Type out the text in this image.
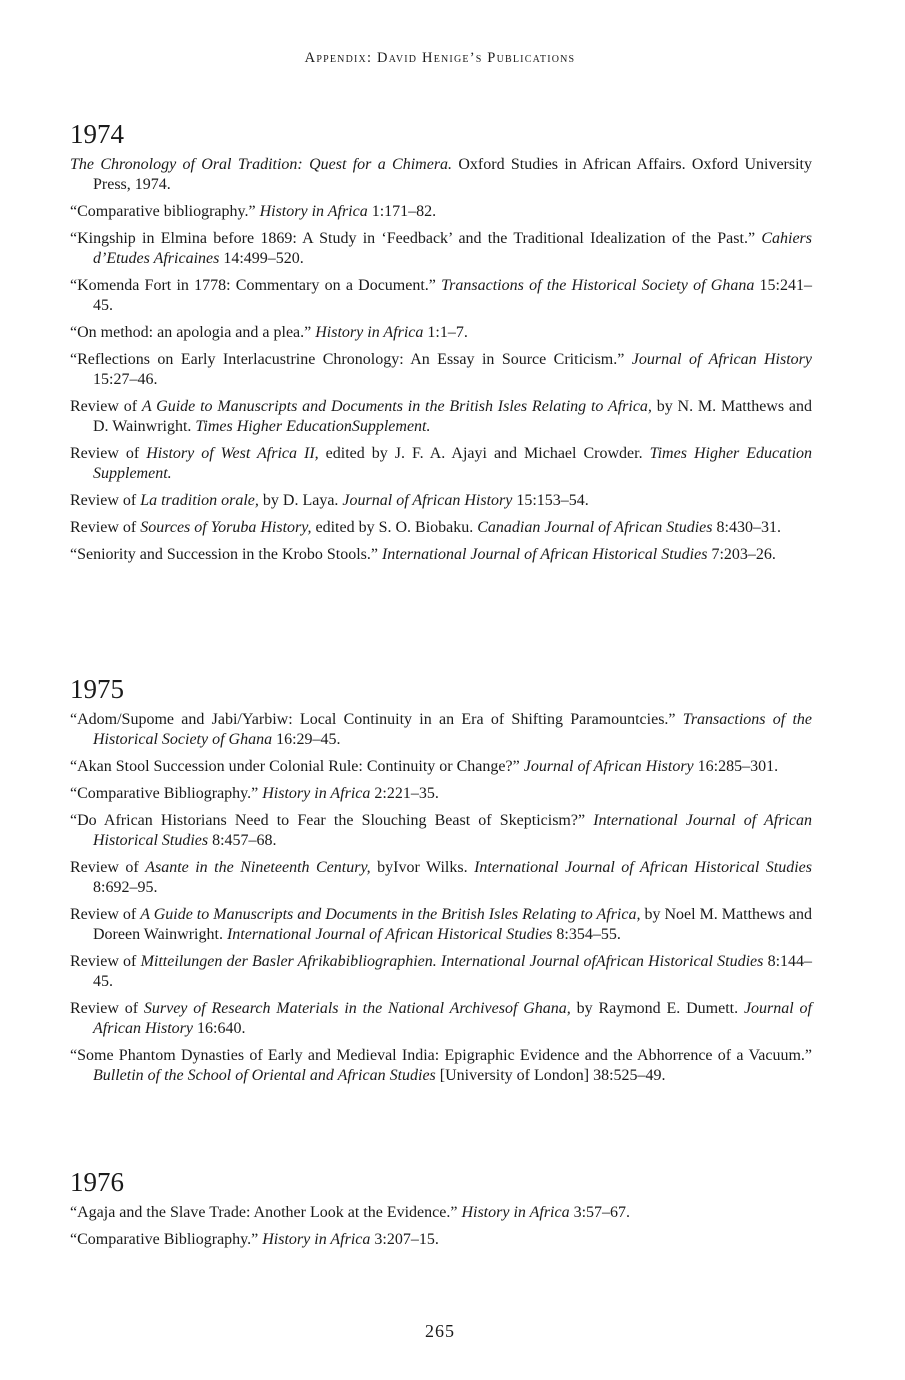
Appendix: David Henige’s Publications
1974

The Chronology of Oral Tradition: Quest for a Chimera. Oxford Studies in African Affairs. Oxford University Press, 1974.

“Comparative bibliography.” History in Africa 1:171–82.

“Kingship in Elmina before 1869: A Study in ‘Feedback’ and the Traditional Idealization of the Past.” Cahiers d’Etudes Africaines 14:499–520.

“Komenda Fort in 1778: Commentary on a Document.” Transactions of the Historical Society of Ghana 15:241–45.

“On method: an apologia and a plea.” History in Africa 1:1–7.

“Reflections on Early Interlacustrine Chronology: An Essay in Source Criticism.” Journal of African History 15:27–46.

Review of A Guide to Manuscripts and Documents in the British Isles Relating to Africa, by N. M. Matthews and D. Wainwright. Times Higher EducationSupplement.

Review of History of West Africa II, edited by J. F. A. Ajayi and Michael Crowder. Times Higher Education Supplement.

Review of La tradition orale, by D. Laya. Journal of African History 15:153–54.

Review of Sources of Yoruba History, edited by S. O. Biobaku. Canadian Journal of African Studies 8:430–31.

“Seniority and Succession in the Krobo Stools.” International Journal of African Historical Studies 7:203–26.

1975

“Adom/Supome and Jabi/Yarbiw: Local Continuity in an Era of Shifting Paramountcies.” Transactions of the Historical Society of Ghana 16:29–45.

“Akan Stool Succession under Colonial Rule: Continuity or Change?” Journal of African History 16:285–301.

“Comparative Bibliography.” History in Africa 2:221–35.

“Do African Historians Need to Fear the Slouching Beast of Skepticism?” International Journal of African Historical Studies 8:457–68.

Review of Asante in the Nineteenth Century, byIvor Wilks. International Journal of African Historical Studies 8:692–95.

Review of A Guide to Manuscripts and Documents in the British Isles Relating to Africa, by Noel M. Matthews and Doreen Wainwright. International Journal of African Historical Studies 8:354–55.

Review of Mitteilungen der Basler Afrikabibliographien. International Journal ofAfrican Historical Studies 8:144–45.

Review of Survey of Research Materials in the National Archivesof Ghana, by Raymond E. Dumett. Journal of African History 16:640.

“Some Phantom Dynasties of Early and Medieval India: Epigraphic Evidence and the Abhorrence of a Vacuum.” Bulletin of the School of Oriental and African Studies [University of London] 38:525–49.

1976

“Agaja and the Slave Trade: Another Look at the Evidence.” History in Africa 3:57–67.

“Comparative Bibliography.” History in Africa 3:207–15.

265
